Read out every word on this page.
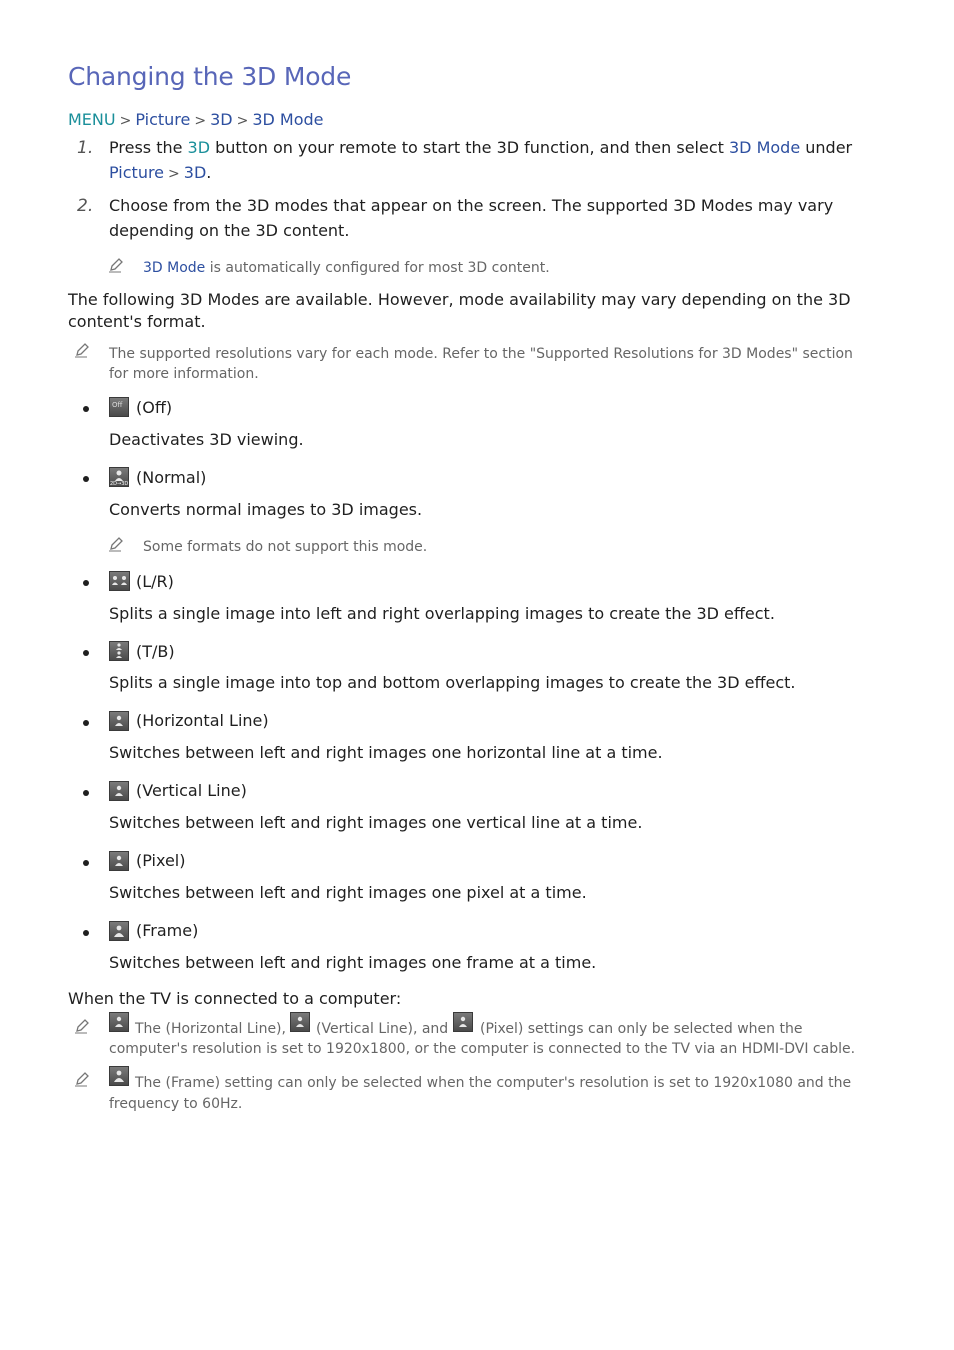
Changing the 3D Mode
MENU > Picture > 3D > 3D Mode
1. Press the 3D button on your remote to start the 3D function, and then select 3D Mode under
Picture > 3D.
2. Choose from the 3D modes that appear on the screen. The supported 3D Modes may vary
depending on the 3D content.
3D Mode is automatically configured for most 3D content.
The following 3D Modes are available. However, mode availability may vary depending on the 3D
content's format.
The supported resolutions vary for each mode. Refer to the "Supported Resolutions for 3D Modes" section
for more information.
Off (Off)
Deactivates 3D viewing.
2D→3D (Normal)
Converts normal images to 3D images.
Some formats do not support this mode.
(L/R)
Splits a single image into left and right overlapping images to create the 3D effect.
(T/B)
Splits a single image into top and bottom overlapping images to create the 3D effect.
(Horizontal Line)
Switches between left and right images one horizontal line at a time.
(Vertical Line)
Switches between left and right images one vertical line at a time.
(Pixel)
Switches between left and right images one pixel at a time.
(Frame)
Switches between left and right images one frame at a time.
When the TV is connected to a computer:
The (Horizontal Line), (Vertical Line), and (Pixel) settings can only be selected when the
computer's resolution is set to 1920x1800, or the computer is connected to the TV via an HDMI-DVI cable.
The (Frame) setting can only be selected when the computer's resolution is set to 1920x1080 and the
frequency to 60Hz.
